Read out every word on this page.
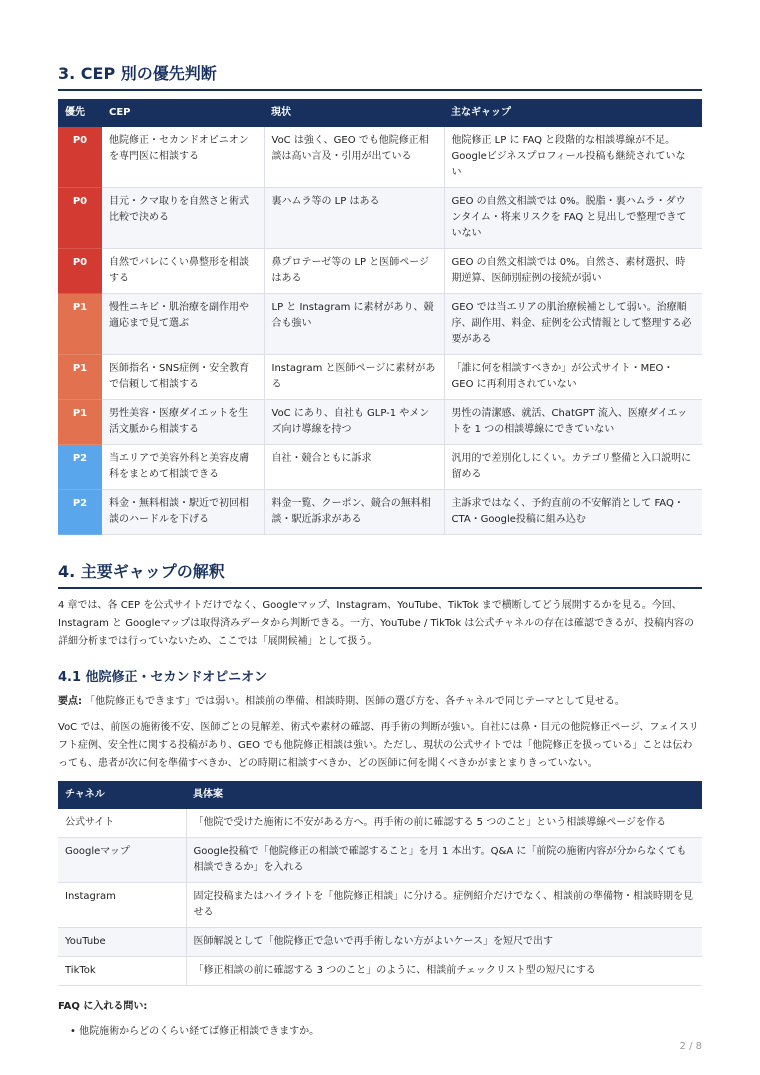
3. CEP 別の優先判断
優先	CEP	現状	主なギャップ
P0	他院修正・セカンドオピニオンを専門医に相談する	VoC は強く、GEO でも他院修正相談は高い言及・引用が出ている	他院修正 LP に FAQ と段階的な相談導線が不足。Googleビジネスプロフィール投稿も継続されていない
P0	目元・クマ取りを自然さと術式比較で決める	裏ハムラ等の LP はある	GEO の自然文相談では 0%。脱脂・裏ハムラ・ダウンタイム・将来リスクを FAQ と見出しで整理できていない
P0	自然でバレにくい鼻整形を相談する	鼻プロテーゼ等の LP と医師ページはある	GEO の自然文相談では 0%。自然さ、素材選択、時期逆算、医師別症例の接続が弱い
P1	慢性ニキビ・肌治療を副作用や適応まで見て選ぶ	LP と Instagram に素材があり、競合も強い	GEO では当エリアの肌治療候補として弱い。治療順序、副作用、料金、症例を公式情報として整理する必要がある
P1	医師指名・SNS症例・安全教育で信頼して相談する	Instagram と医師ページに素材がある	「誰に何を相談すべきか」が公式サイト・MEO・GEO に再利用されていない
P1	男性美容・医療ダイエットを生活文脈から相談する	VoC にあり、自社も GLP-1 やメンズ向け導線を持つ	男性の清潔感、就活、ChatGPT 流入、医療ダイエットを 1 つの相談導線にできていない
P2	当エリアで美容外科と美容皮膚科をまとめて相談できる	自社・競合ともに訴求	汎用的で差別化しにくい。カテゴリ整備と入口説明に留める
P2	料金・無料相談・駅近で初回相談のハードルを下げる	料金一覧、クーポン、競合の無料相談・駅近訴求がある	主訴求ではなく、予約直前の不安解消として FAQ・CTA・Google投稿に組み込む
4. 主要ギャップの解釈

4 章では、各 CEP を公式サイトだけでなく、Googleマップ、Instagram、YouTube、TikTok まで横断してどう展開するかを見る。今回、Instagram と Googleマップは取得済みデータから判断できる。一方、YouTube / TikTok は公式チャネルの存在は確認できるが、投稿内容の詳細分析までは行っていないため、ここでは「展開候補」として扱う。

4.1 他院修正・セカンドオピニオン

要点: 「他院修正もできます」では弱い。相談前の準備、相談時期、医師の選び方を、各チャネルで同じテーマとして見せる。

VoC では、前医の施術後不安、医師ごとの見解差、術式や素材の確認、再手術の判断が強い。自社には鼻・目元の他院修正ページ、フェイスリフト症例、安全性に関する投稿があり、GEO でも他院修正相談は強い。ただし、現状の公式サイトでは「他院修正を扱っている」ことは伝わっても、患者が次に何を準備すべきか、どの時期に相談すべきか、どの医師に何を聞くべきかがまとまりきっていない。

チャネル	具体案
公式サイト	「他院で受けた施術に不安がある方へ。再手術の前に確認する 5 つのこと」という相談導線ページを作る
Googleマップ	Google投稿で「他院修正の相談で確認すること」を月 1 本出す。Q&A に「前院の施術内容が分からなくても相談できるか」を入れる
Instagram	固定投稿またはハイライトを「他院修正相談」に分ける。症例紹介だけでなく、相談前の準備物・相談時期を見せる
YouTube	医師解説として「他院修正で急いで再手術しない方がよいケース」を短尺で出す
TikTok	「修正相談の前に確認する 3 つのこと」のように、相談前チェックリスト型の短尺にする

FAQ に入れる問い:

• 他院施術からどのくらい経てば修正相談できますか。
2 / 8
